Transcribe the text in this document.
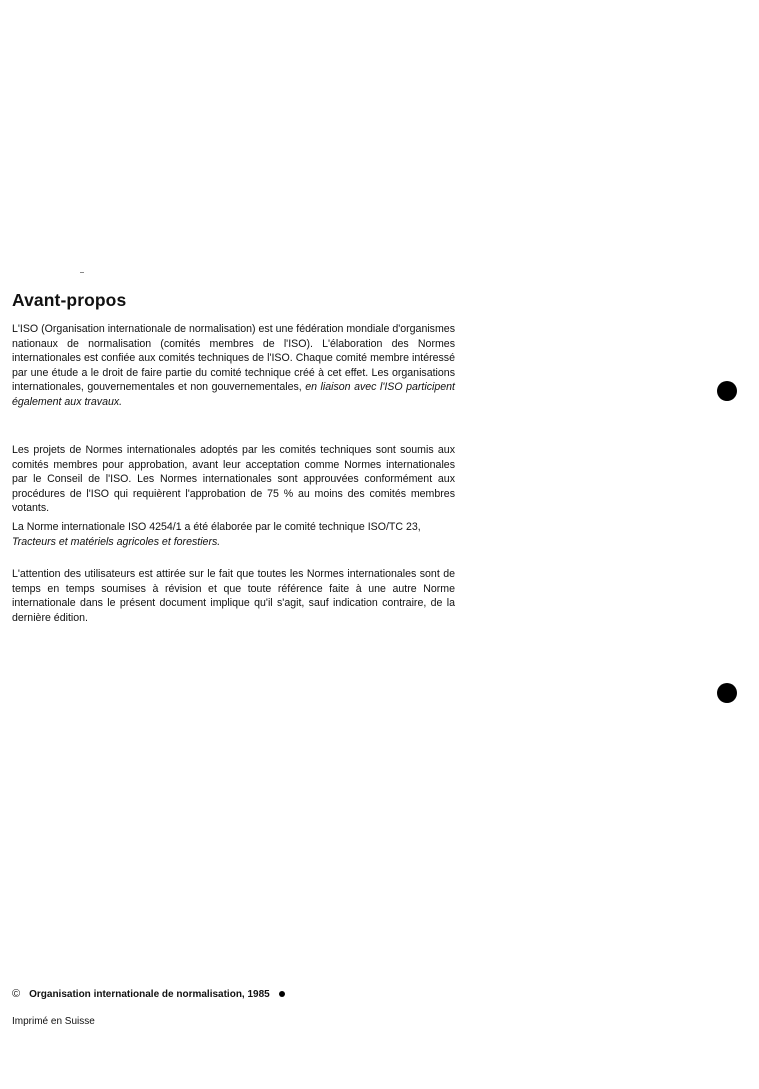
Avant-propos
L'ISO (Organisation internationale de normalisation) est une fédération mondiale d'organismes nationaux de normalisation (comités membres de l'ISO). L'élaboration des Normes internationales est confiée aux comités techniques de l'ISO. Chaque comité membre intéressé par une étude a le droit de faire partie du comité technique créé à cet effet. Les organisations internationales, gouvernementales et non gouvernementales, en liaison avec l'ISO participent également aux travaux.
Les projets de Normes internationales adoptés par les comités techniques sont soumis aux comités membres pour approbation, avant leur acceptation comme Normes internationales par le Conseil de l'ISO. Les Normes internationales sont approuvées conformément aux procédures de l'ISO qui requièrent l'approbation de 75 % au moins des comités membres votants.
La Norme internationale ISO 4254/1 a été élaborée par le comité technique ISO/TC 23,
Tracteurs et matériels agricoles et forestiers.
L'attention des utilisateurs est attirée sur le fait que toutes les Normes internationales sont de temps en temps soumises à révision et que toute référence faite à une autre Norme internationale dans le présent document implique qu'il s'agit, sauf indication contraire, de la dernière édition.
© Organisation internationale de normalisation, 1985
Imprimé en Suisse
